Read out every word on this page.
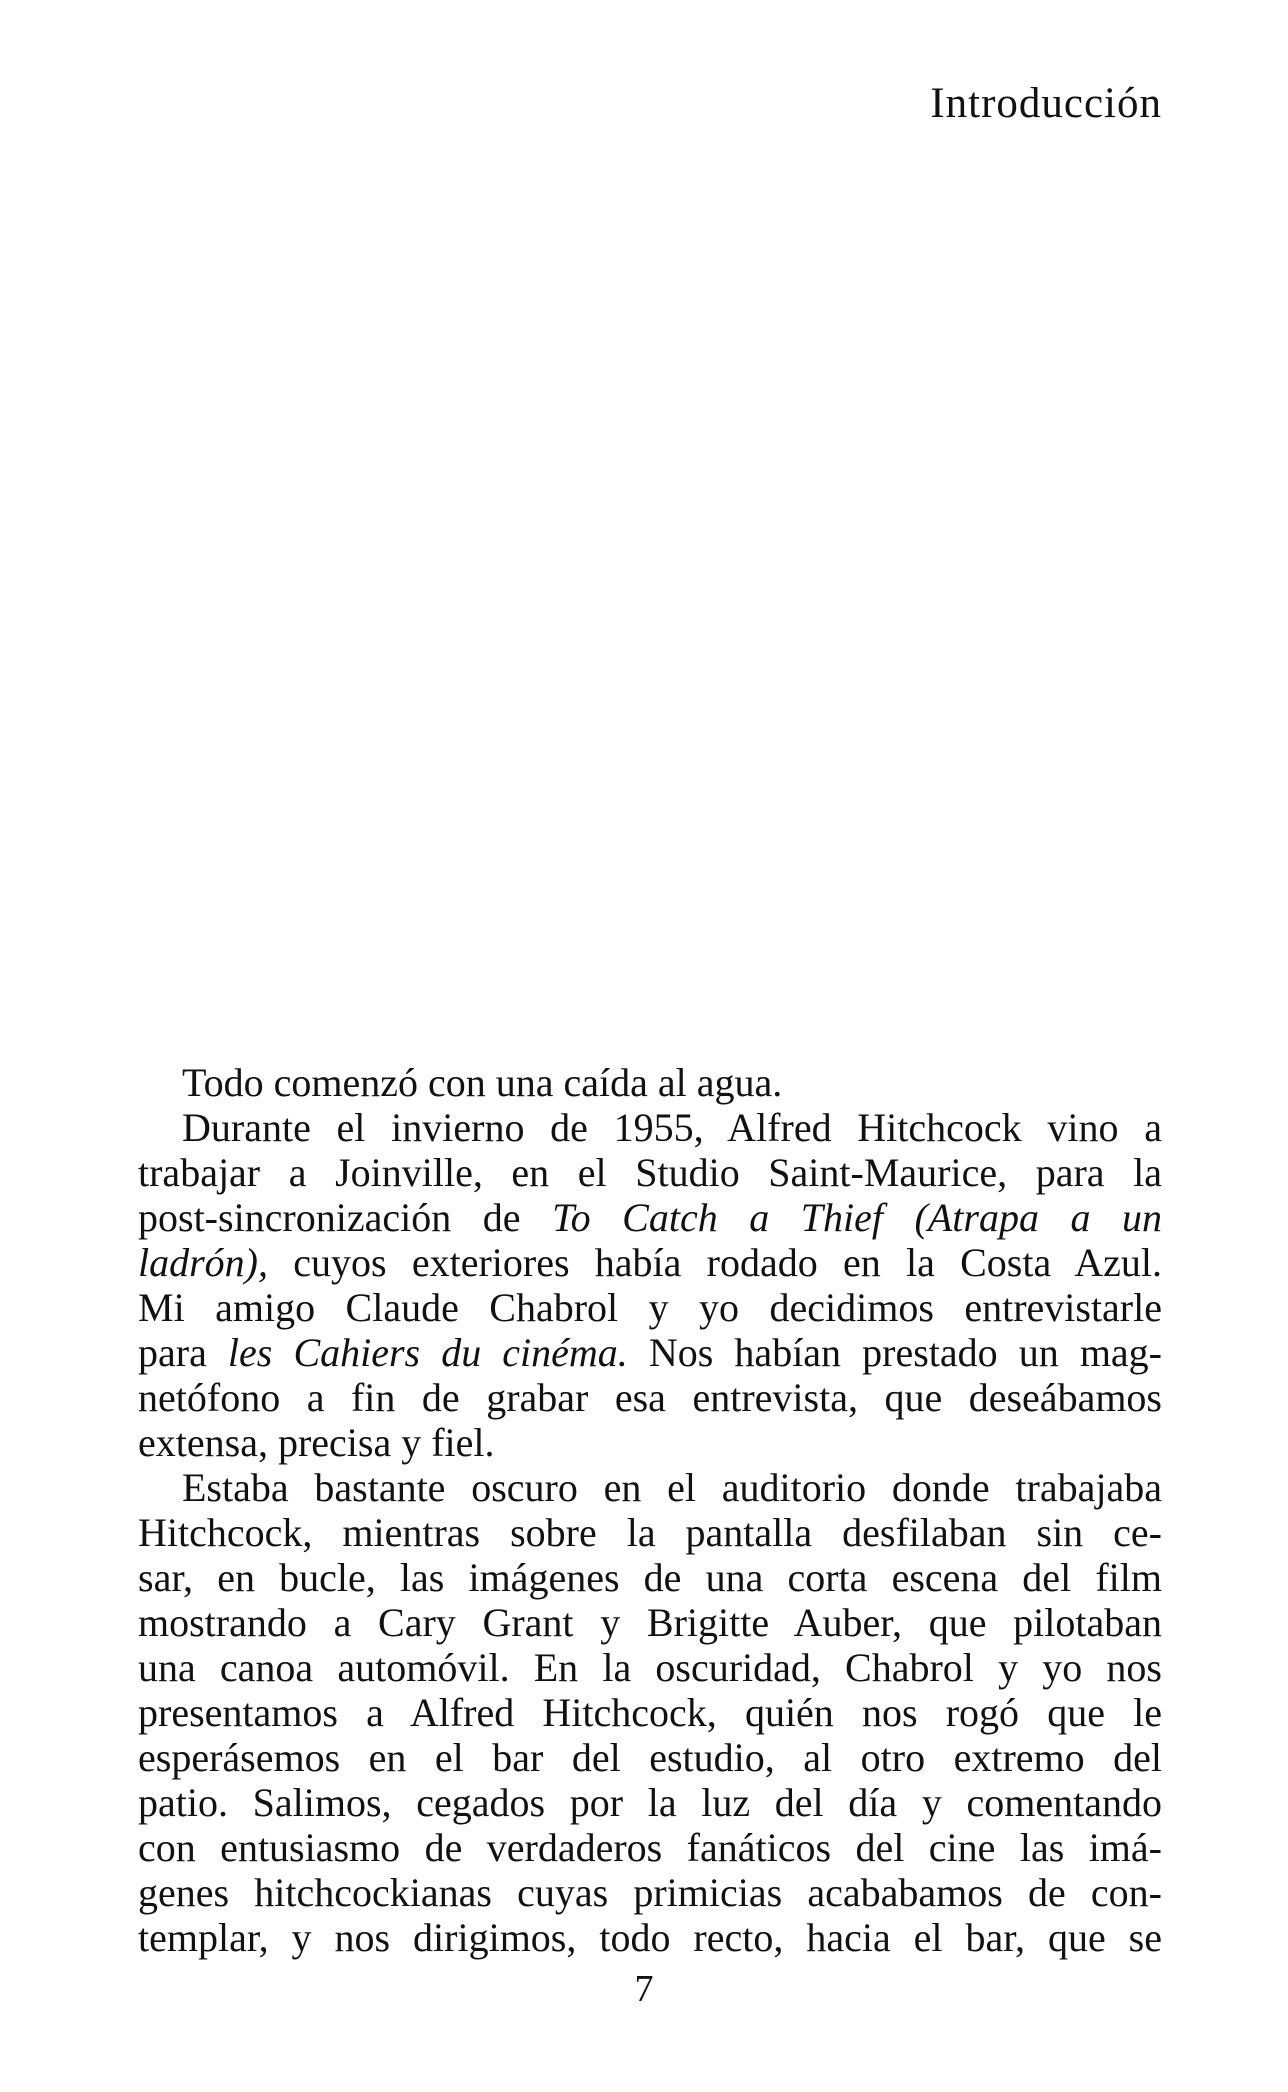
Introducción

Todo comenzó con una caída al agua.

Durante el invierno de 1955, Alfred Hitchcock vino a
trabajar a Joinville, en el Studio Saint-Maurice, para la
post-sincronización de To Catch a Thief (Atrapa a un
ladrón), cuyos exteriores había rodado en la Costa Azul.
Mi amigo Claude Chabrol y yo decidimos entrevistarle
para les Cahiers du cinéma. Nos habían prestado un mag-
netófono a fin de grabar esa entrevista, que deseábamos
extensa, precisa y fiel.

Estaba bastante oscuro en el auditorio donde trabajaba
Hitchcock, mientras sobre la pantalla desfilaban sin ce-
sar, en bucle, las imágenes de una corta escena del film
mostrando a Cary Grant y Brigitte Auber, que pilotaban
una canoa automóvil. En la oscuridad, Chabrol y yo nos
presentamos a Alfred Hitchcock, quién nos rogó que le
esperásemos en el bar del estudio, al otro extremo del
patio. Salimos, cegados por la luz del día y comentando
con entusiasmo de verdaderos fanáticos del cine las imá-
genes hitchcockianas cuyas primicias acababamos de con-
templar, y nos dirigimos, todo recto, hacia el bar, que se

7
